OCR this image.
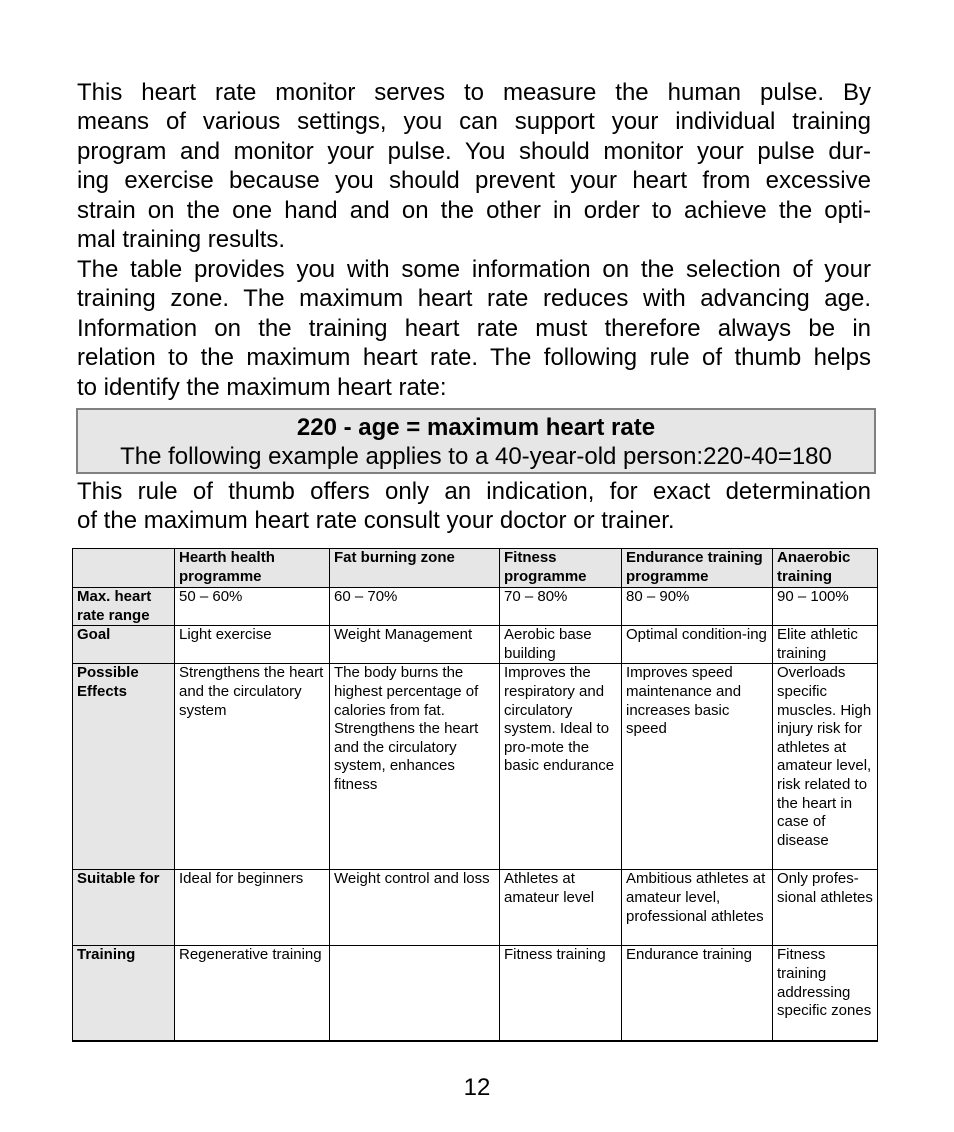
This heart rate monitor serves to measure the human pulse. By
means of various settings, you can support your individual training
program and monitor your pulse. You should monitor your pulse dur-
ing exercise because you should prevent your heart from excessive
strain on the one hand and on the other in order to achieve the opti-
mal training results.
The table provides you with some information on the selection of your
training zone. The maximum heart rate reduces with advancing age.
Information on the training heart rate must therefore always be in
relation to the maximum heart rate. The following rule of thumb helps
to identify the maximum heart rate:
220 - age = maximum heart rate
The following example applies to a 40-year-old person:220-40=180
This rule of thumb offers only an indication, for exact determination
of the maximum heart rate consult your doctor or trainer.
	Hearth health programme	Fat burning zone	Fitness programme	Endurance training programme	Anaerobic training
Max. heart rate range	50 – 60%	60 – 70%	70 – 80%	80 – 90%	90 – 100%
Goal	Light exercise	Weight Management	Aerobic base building	Optimal condition-ing	Elite athletic training
Possible Effects	Strengthens the heart and the circulatory system	The body burns the highest percentage of calories from fat. Strengthens the heart and the circulatory system, enhances fitness	Improves the respiratory and circulatory system. Ideal to pro-mote the basic endurance	Improves speed maintenance and increases basic speed	Overloads specific muscles. High injury risk for athletes at amateur level, risk related to the heart in case of disease
Suitable for	Ideal for beginners	Weight control and loss	Athletes at amateur level	Ambitious athletes at amateur level, professional athletes	Only profes-sional athletes
Training	Regenerative training		Fitness training	Endurance training	Fitness training addressing specific zones
12
